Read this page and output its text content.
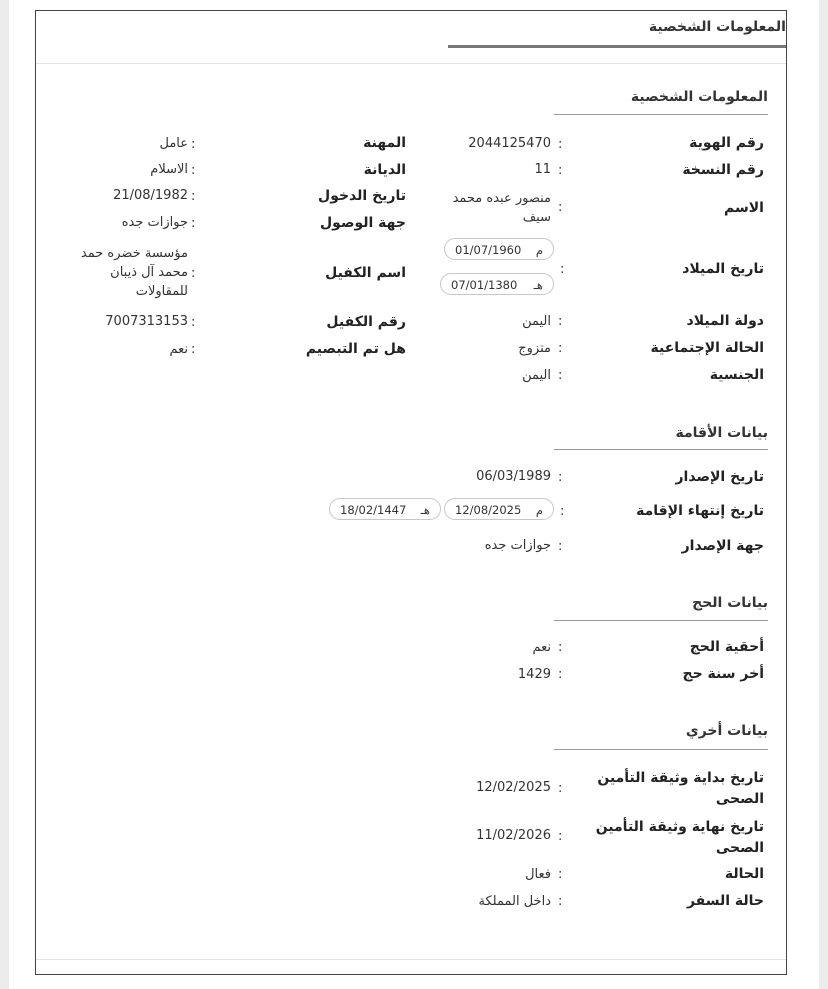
المعلومات الشخصية
المعلومات الشخصية
رقم الهوية
:
2044125470
المهنة
:
عامل
رقم النسخة
:
11
الديانة
:
الاسلام
الاسم
:
منصور عبده محمد سيف
تاريخ الدخول
:
21/08/1982
جهة الوصول
:
جوازات جده
تاريخ الميلاد
:
01/07/1960 م
07/01/1380 هـ
اسم الكفيل
:
مؤسسة خضره حمد محمد آل ذيبان للمقاولات
دولة الميلاد
:
اليمن
رقم الكفيل
:
7007313153
الحالة الإجتماعية
:
متزوج
هل تم التبصيم
:
نعم
الجنسية
:
اليمن
بيانات الأقامة
تاريخ الإصدار
:
06/03/1989
تاريخ إنتهاء الإقامة
:
12/08/2025 م
18/02/1447 هـ
جهة الإصدار
:
جوازات جده
بيانات الحج
أحقية الحج
:
نعم
أخر سنة حج
:
1429
بيانات أخري
تاريخ بداية وثيقة التأمين الصحى
:
12/02/2025
تاريخ نهاية وثيقة التأمين الصحى
:
11/02/2026
الحالة
:
فعال
حالة السفر
:
داخل المملكة
